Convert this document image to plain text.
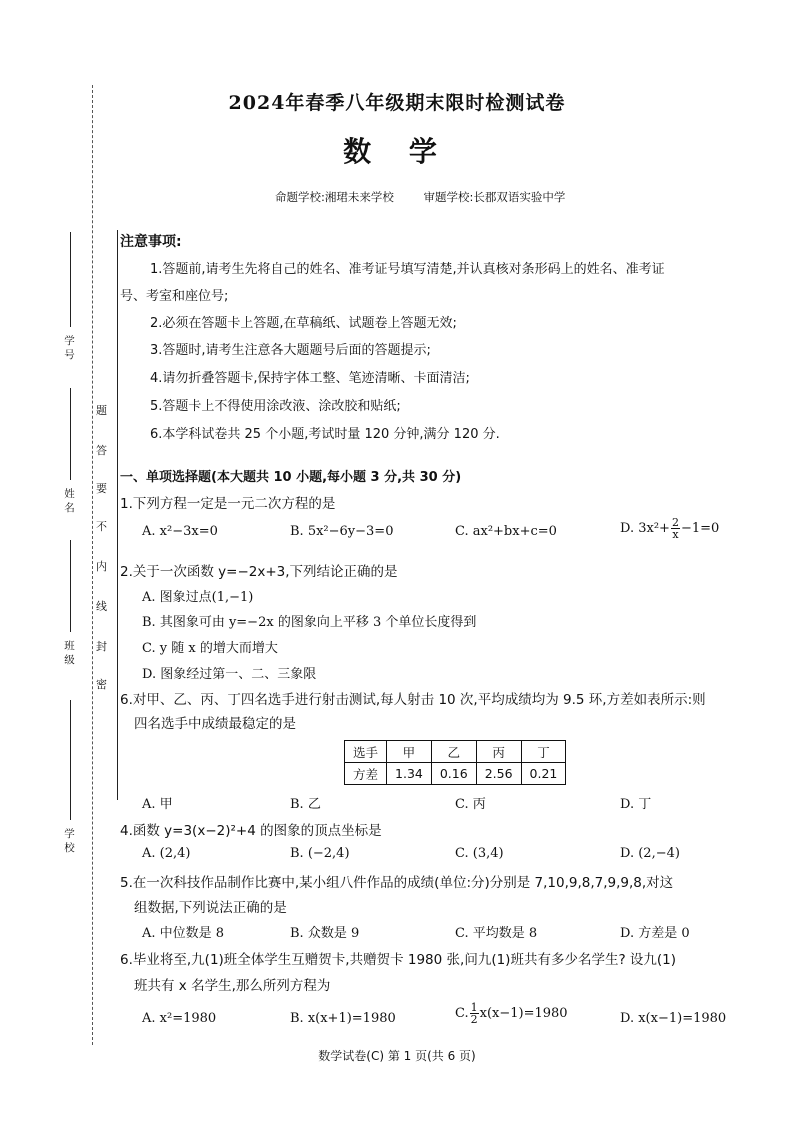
学 号
姓 名
班 级
学 校
题
答
要
不
内
线
封
密
2024年春季八年级期末限时检测试卷
数 学
命题学校:湘珺未来学校	审题学校:长郡双语实验中学
注意事项:
1.答题前,请考生先将自己的姓名、准考证号填写清楚,并认真核对条形码上的姓名、准考证
号、考室和座位号;
2.必须在答题卡上答题,在草稿纸、试题卷上答题无效;
3.答题时,请考生注意各大题题号后面的答题提示;
4.请勿折叠答题卡,保持字体工整、笔迹清晰、卡面清洁;
5.答题卡上不得使用涂改液、涂改胶和贴纸;
6.本学科试卷共 25 个小题,考试时量 120 分钟,满分 120 分.
一、单项选择题(本大题共 10 小题,每小题 3 分,共 30 分)
1.下列方程一定是一元二次方程的是
A. x²−3x=0	B. 5x²−6y−3=0	C. ax²+bx+c=0	D. $3x^2+ \frac{2}{x} -1=0$
2.关于一次函数 y=−2x+3,下列结论正确的是
A. 图象过点(1,−1)
B. 其图象可由 y=−2x 的图象向上平移 3 个单位长度得到
C. y 随 x 的增大而增大
D. 图象经过第一、二、三象限
6.对甲、乙、丙、丁四名选手进行射击测试,每人射击 10 次,平均成绩均为 9.5 环,方差如表所示:则
四名选手中成绩最稳定的是
选手	甲	乙	丙	丁
方差	1.34	0.16	2.56	0.21
A. 甲	B. 乙	C. 丙	D. 丁
4.函数 y=3(x−2)²+4 的图象的顶点坐标是
A. (2,4)	B. (−2,4)	C. (3,4)	D. (2,−4)
5.在一次科技作品制作比赛中,某小组八件作品的成绩(单位:分)分别是 7,10,9,8,7,9,9,8,对这
组数据,下列说法正确的是
A. 中位数是 8	B. 众数是 9	C. 平均数是 8	D. 方差是 0
6.毕业将至,九(1)班全体学生互赠贺卡,共赠贺卡 1980 张,问九(1)班共有多少名学生? 设九(1)
班共有 x 名学生,那么所列方程为
A. x²=1980	B. x(x+1)=1980	C. $\frac{1}{2} x(x-1)=1980$	D. x(x−1)=1980
数学试卷(C) 第 1 页(共 6 页)
